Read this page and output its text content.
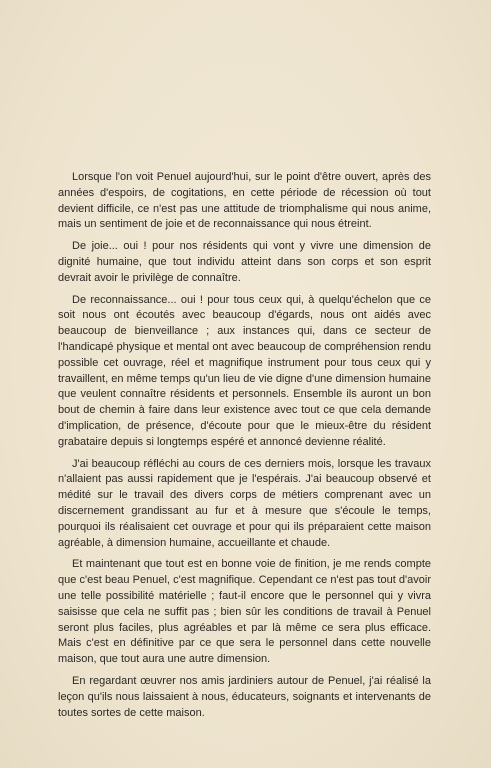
Lorsque l'on voit Penuel aujourd'hui, sur le point d'être ouvert, après des années d'espoirs, de cogitations, en cette période de récession où tout devient difficile, ce n'est pas une attitude de triomphalisme qui nous anime, mais un sentiment de joie et de reconnaissance qui nous étreint.

De joie... oui ! pour nos résidents qui vont y vivre une dimension de dignité humaine, que tout individu atteint dans son corps et son esprit devrait avoir le privilège de connaître.

De reconnaissance... oui ! pour tous ceux qui, à quelqu'échelon que ce soit nous ont écoutés avec beaucoup d'égards, nous ont aidés avec beaucoup de bienveillance ; aux instances qui, dans ce secteur de l'handicapé physique et mental ont avec beaucoup de compréhension rendu possible cet ouvrage, réel et magnifique instrument pour tous ceux qui y travaillent, en même temps qu'un lieu de vie digne d'une dimension humaine que veulent connaître résidents et personnels. Ensemble ils auront un bon bout de chemin à faire dans leur existence avec tout ce que cela demande d'implication, de présence, d'écoute pour que le mieux-être du résident grabataire depuis si longtemps espéré et annoncé devienne réalité.

J'ai beaucoup réfléchi au cours de ces derniers mois, lorsque les travaux n'allaient pas aussi rapidement que je l'espérais. J'ai beaucoup observé et médité sur le travail des divers corps de métiers comprenant avec un discernement grandissant au fur et à mesure que s'écoule le temps, pourquoi ils réalisaient cet ouvrage et pour qui ils préparaient cette maison agréable, à dimension humaine, accueillante et chaude.

Et maintenant que tout est en bonne voie de finition, je me rends compte que c'est beau Penuel, c'est magnifique. Cependant ce n'est pas tout d'avoir une telle possibilité matérielle ; faut-il encore que le personnel qui y vivra saisisse que cela ne suffit pas ; bien sûr les conditions de travail à Penuel seront plus faciles, plus agréables et par là même ce sera plus efficace. Mais c'est en définitive par ce que sera le personnel dans cette nouvelle maison, que tout aura une autre dimension.

En regardant œuvrer nos amis jardiniers autour de Penuel, j'ai réalisé la leçon qu'ils nous laissaient à nous, éducateurs, soignants et intervenants de toutes sortes de cette maison.
